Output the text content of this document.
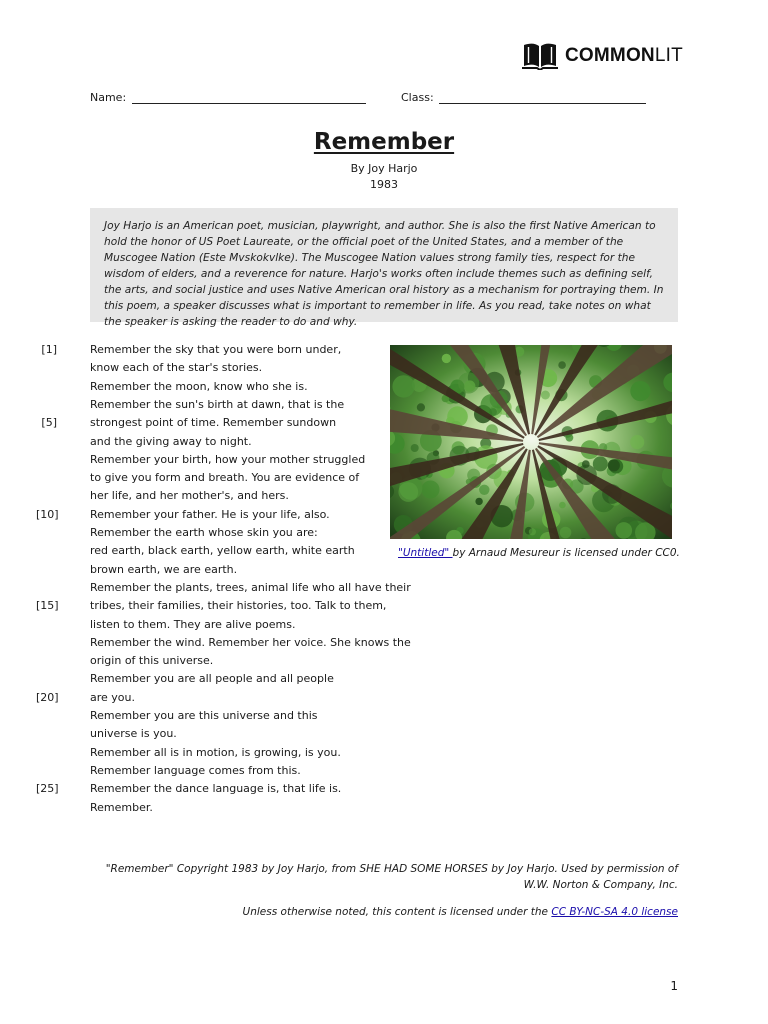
COMMONLIT
Name:	Class:
Remember
By Joy Harjo
1983

Joy Harjo is an American poet, musician, playwright, and author. She is also the first Native American to hold the honor of US Poet Laureate, or the official poet of the United States, and a member of the Muscogee Nation (Este Mvskokvlke). The Muscogee Nation values strong family ties, respect for the wisdom of elders, and a reverence for nature. Harjo's works often include themes such as defining self, the arts, and social justice and uses Native American oral history as a mechanism for portraying them. In this poem, a speaker discusses what is important to remember in life. As you read, take notes on what the speaker is asking the reader to do and why.

[1]
[5]
[10]
[15]
[20]
[25]
Remember the sky that you were born under,
know each of the star's stories.
Remember the moon, know who she is.
Remember the sun's birth at dawn, that is the
strongest point of time. Remember sundown
and the giving away to night.
Remember your birth, how your mother struggled
to give you form and breath. You are evidence of
her life, and her mother's, and hers.
Remember your father. He is your life, also.
Remember the earth whose skin you are:
red earth, black earth, yellow earth, white earth
brown earth, we are earth.
Remember the plants, trees, animal life who all have their
tribes, their families, their histories, too. Talk to them,
listen to them. They are alive poems.
Remember the wind. Remember her voice. She knows the
origin of this universe.
Remember you are all people and all people
are you.
Remember you are this universe and this
universe is you.
Remember all is in motion, is growing, is you.
Remember language comes from this.
Remember the dance language is, that life is.
Remember.
"Untitled" by Arnaud Mesureur is licensed under CC0.
"Remember" Copyright 1983 by Joy Harjo, from SHE HAD SOME HORSES by Joy Harjo. Used by permission of W.W. Norton & Company, Inc.
Unless otherwise noted, this content is licensed under the CC BY-NC-SA 4.0 license
1
